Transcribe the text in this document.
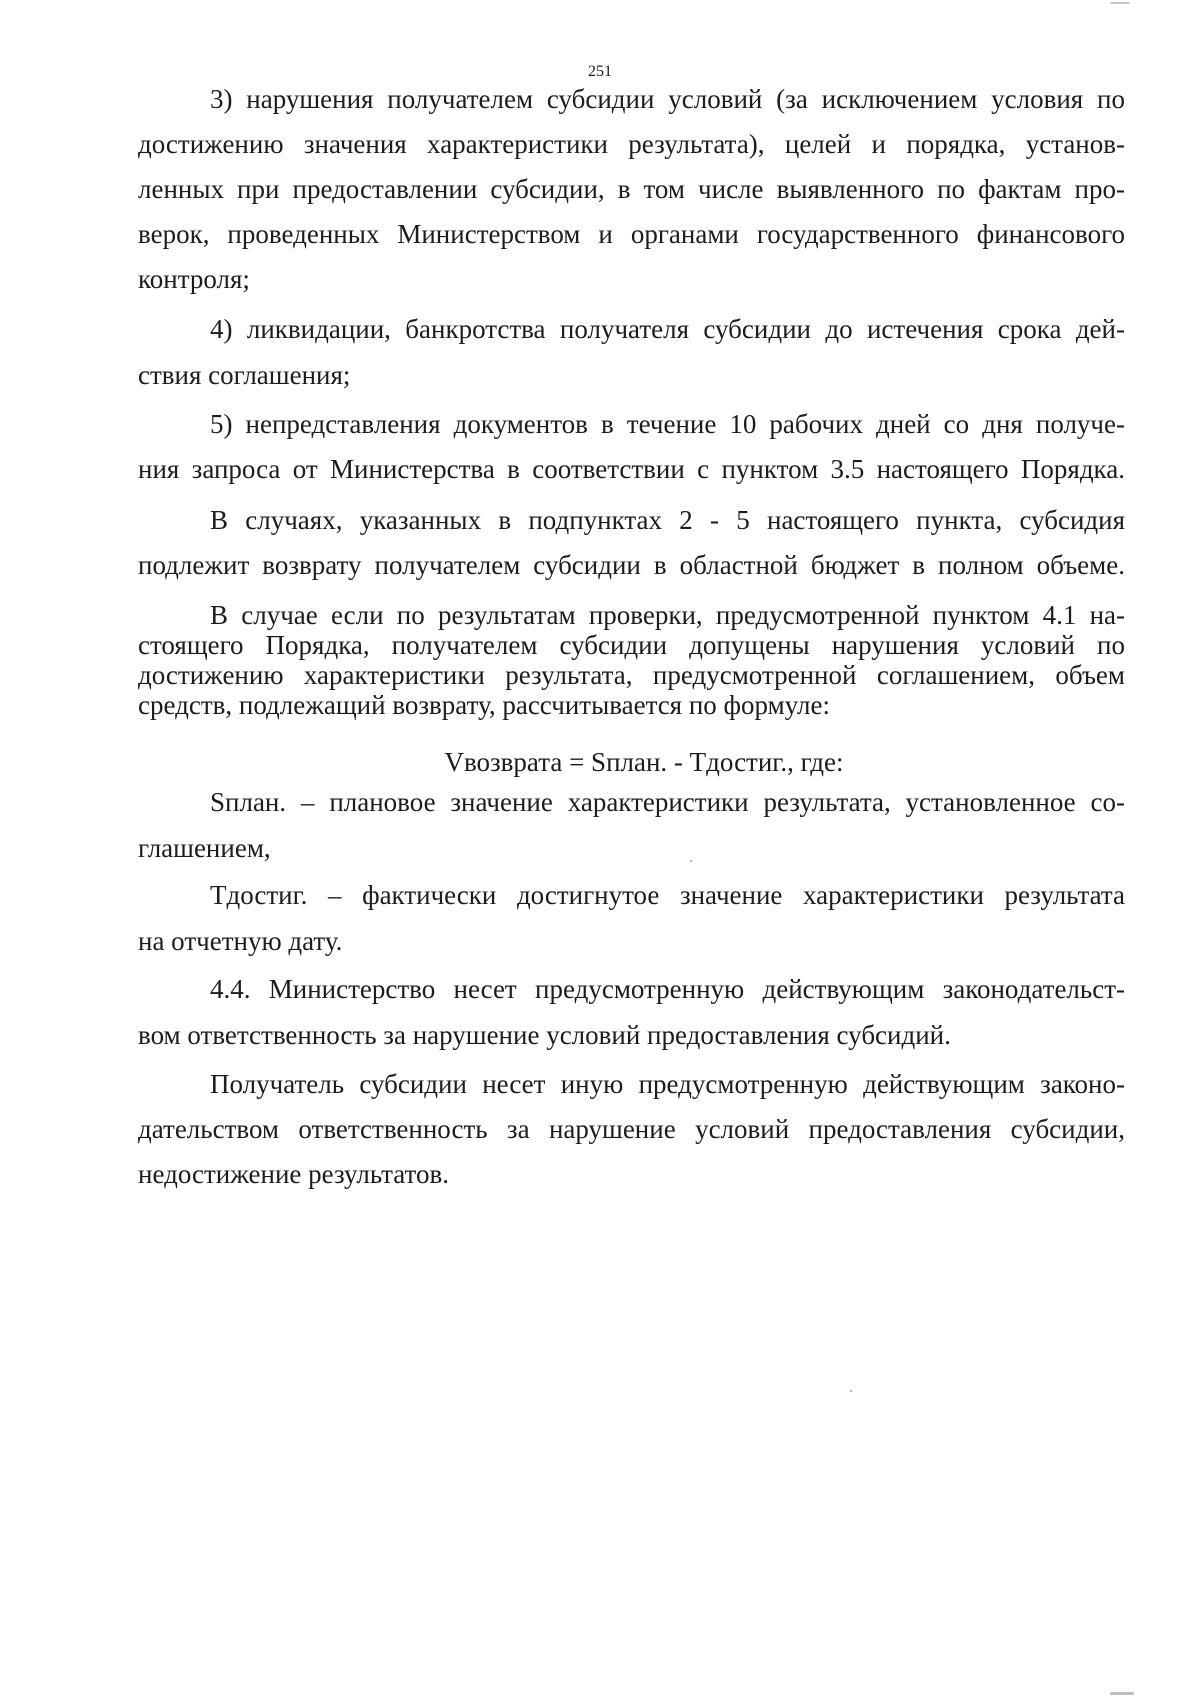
251

3) нарушения получателем субсидии условий (за исключением условия по

достижению значения характеристики результата), целей и порядка, установ-

ленных при предоставлении субсидии, в том числе выявленного по фактам про-

верок, проведенных Министерством и органами государственного финансового

контроля;

4) ликвидации, банкротства получателя субсидии до истечения срока дей-

ствия соглашения;

5) непредставления документов в течение 10 рабочих дней со дня получе-

ния запроса от Министерства в соответствии с пунктом 3.5 настоящего Порядка.

В случаях, указанных в подпунктах 2 - 5 настоящего пункта, субсидия

подлежит возврату получателем субсидии в областной бюджет в полном объеме.

В случае если по результатам проверки, предусмотренной пунктом 4.1 на-

стоящего Порядка, получателем субсидии допущены нарушения условий по

достижению характеристики результата, предусмотренной соглашением, объем

средств, подлежащий возврату, рассчитывается по формуле:

Vвозврата = Sплан. - Tдостиг., где:

Sплан. – плановое значение характеристики результата, установленное со-

глашением,

Tдостиг. – фактически достигнутое значение характеристики результата

на отчетную дату.

4.4. Министерство несет предусмотренную действующим законодательст-

вом ответственность за нарушение условий предоставления субсидий.

Получатель субсидии несет иную предусмотренную действующим законо-

дательством ответственность за нарушение условий предоставления субсидии,

недостижение результатов.
